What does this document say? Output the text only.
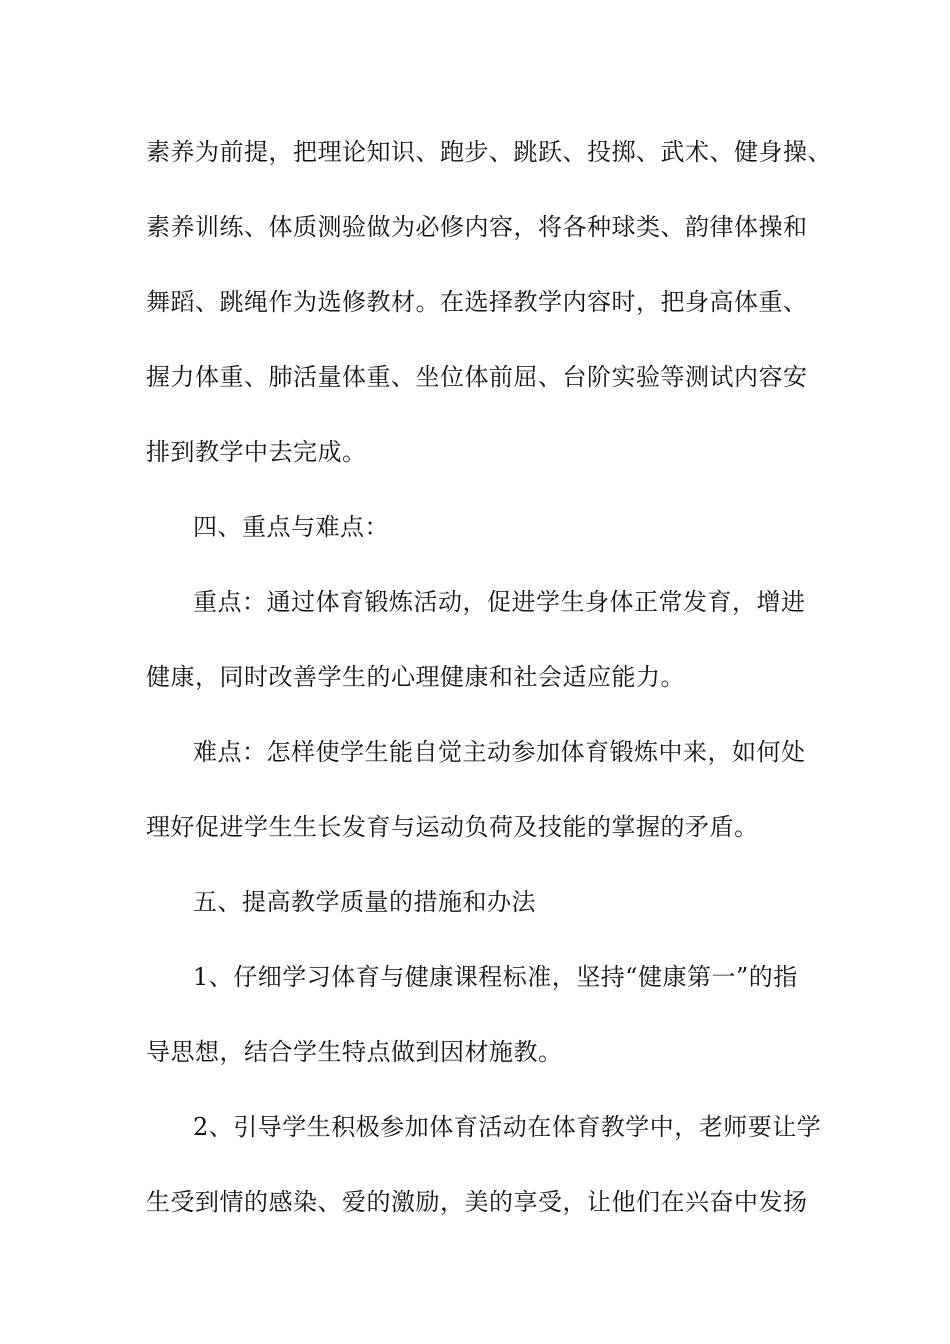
素养为前提，把理论知识、跑步、跳跃、投掷、武术、健身操、
素养训练、体质测验做为必修内容，将各种球类、韵律体操和
舞蹈、跳绳作为选修教材。在选择教学内容时，把身高体重、
握力体重、肺活量体重、坐位体前屈、台阶实验等测试内容安
排到教学中去完成。
四、重点与难点：
重点：通过体育锻炼活动，促进学生身体正常发育，增进
健康，同时改善学生的心理健康和社会适应能力。
难点：怎样使学生能自觉主动参加体育锻炼中来，如何处
理好促进学生生长发育与运动负荷及技能的掌握的矛盾。
五、提高教学质量的措施和办法
1、仔细学习体育与健康课程标准，坚持“健康第一”的指
导思想，结合学生特点做到因材施教。
2、引导学生积极参加体育活动在体育教学中，老师要让学
生受到情的感染、爱的激励，美的享受，让他们在兴奋中发扬
